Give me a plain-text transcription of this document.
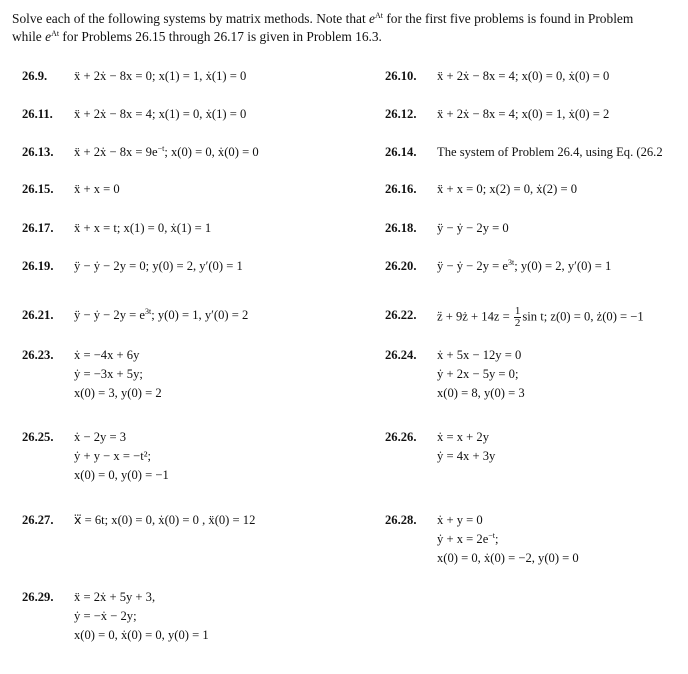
Solve each of the following systems by matrix methods. Note that $e^{At}$ for the first five problems is found in Problem
while $e^{At}$ for Problems 26.15 through 26.17 is given in Problem 16.3.
26.9. ẍ + 2ẋ − 8x = 0; x(1) = 1, ẋ(1) = 0	26.10. ẍ + 2ẋ − 8x = 4; x(0) = 0, ẋ(0) = 0
26.11. ẍ + 2ẋ − 8x = 4; x(1) = 0, ẋ(1) = 0	26.12. ẍ + 2ẋ − 8x = 4; x(0) = 1, ẋ(0) = 2
26.13. ẍ + 2ẋ − $8x = 9e^{-t}$; x(0) = 0, ẋ(0) = 0	26.14. The system of Problem 26.4, using Eq. (26.2
26.15. ẍ + x = 0	26.16. ẍ + x = 0; x(2) = 0, ẋ(2) = 0
26.17. ẍ + x = t; x(1) = 0, ẋ(1) = 1	26.18. ÿ − ẏ − 2y = 0
26.19. ÿ − ẏ − 2y = 0; y(0) = 2, y′(0) = 1	26.20. ÿ − ẏ − $2y = e^{3t}$; y(0) = 2, y′(0) = 1
26.21. ÿ − ẏ − $2y = e^{3t}$; y(0) = 1, y′(0) = 2	26.22. z̈ + 9ż + $14z = \frac{1}{2}$ sin t; z(0) = 0, ż(0) = −1
26.23. ẋ = −4x + 6y
ẏ = −3x + 5y;
x(0) = 3, y(0) = 2
26.24. ẋ + 5x − 12y = 0
ẏ + 2x − 5y = 0;
x(0) = 8, y(0) = 3
26.25. ẋ − 2y = 3
ẏ + y − x = −t²;
x(0) = 0, y(0) = −1
26.26. ẋ = x + 2y
ẏ = 4x + 3y
26.27. x⃛ = 6t; x(0) = 0, ẋ(0) = 0 , ẍ(0) = 12	26.28. ẋ + y = 0
ẏ + $x = 2e^{-t}$;
x(0) = 0, ẋ(0) = −2, y(0) = 0
26.29. ẍ = 2ẋ + 5y + 3,
ẏ = −ẋ − 2y;
x(0) = 0, ẋ(0) = 0, y(0) = 1
